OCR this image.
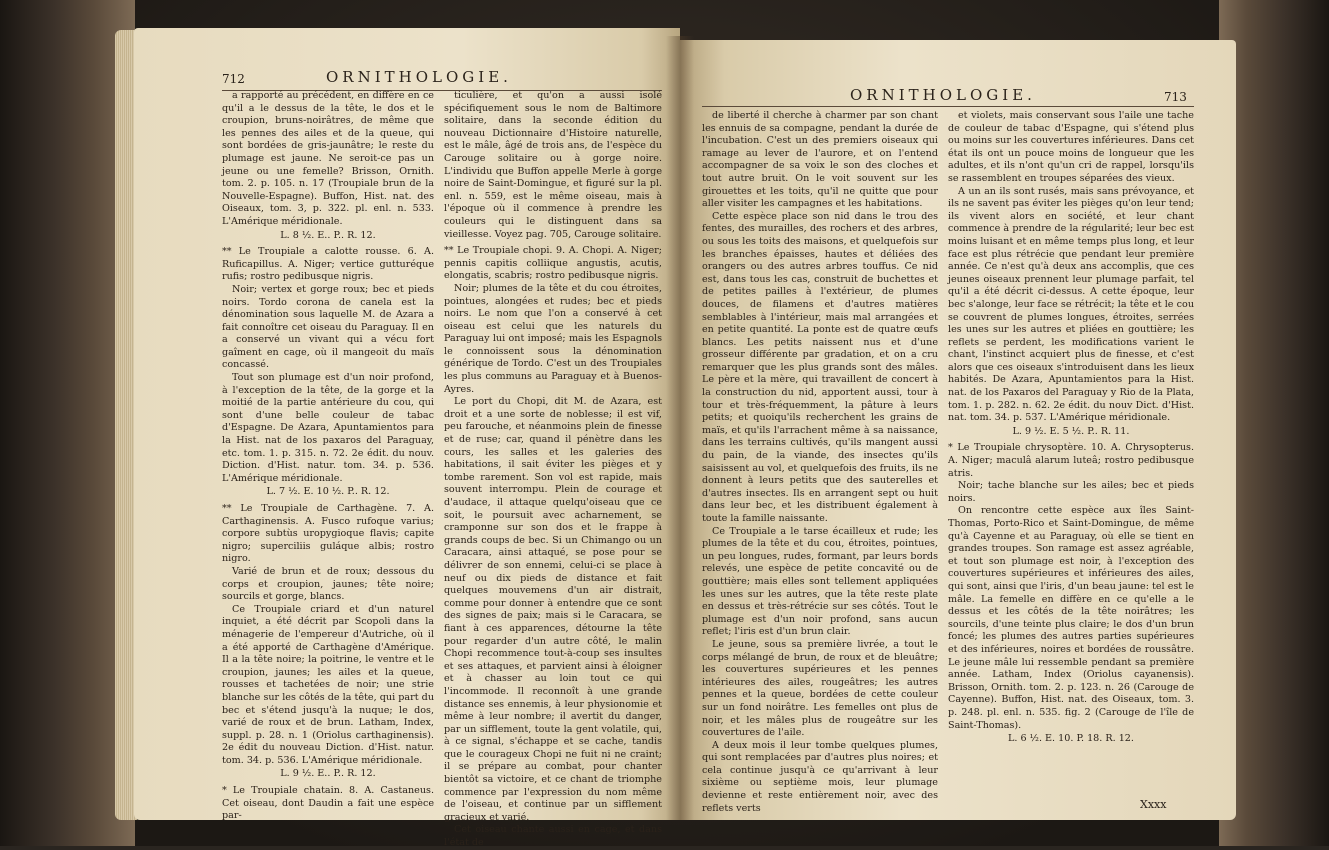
712	ORNITHOLOGIE.

a rapporté au précédent, en diffère en ce qu'il a le dessus de la tête, le dos et le croupion, bruns-noirâtres, de même que les pennes des ailes et de la queue, qui sont bordées de gris-jaunâtre; le reste du plumage est jaune. Ne seroit-ce pas un jeune ou une femelle? Brisson, Ornith. tom. 2. p. 105. n. 17 (Troupiale brun de la Nouvelle-Espagne). Buffon, Hist. nat. des Oiseaux, tom. 3, p. 322. pl. enl. n. 533. L'Amérique méridionale.

L. 8 ½. E.. P.. R. 12.

** Le Troupiale a calotte rousse. 6. A. Ruficapillus. A. Niger; vertice gutturéque rufis; rostro pedibusque nigris.

Noir; vertex et gorge roux; bec et pieds noirs. Tordo corona de canela est la dénomination sous laquelle M. de Azara a fait connoître cet oiseau du Paraguay. Il en a conservé un vivant qui a vécu fort gaîment en cage, où il mangeoit du maïs concassé.

Tout son plumage est d'un noir profond, à l'exception de la tête, de la gorge et la moitié de la partie antérieure du cou, qui sont d'une belle couleur de tabac d'Espagne. De Azara, Apuntamientos para la Hist. nat de los paxaros del Paraguay, etc. tom. 1. p. 315. n. 72. 2e édit. du nouv. Diction. d'Hist. natur. tom. 34. p. 536. L'Amérique méridionale.

L. 7 ½. E. 10 ½. P.. R. 12.

** Le Troupiale de Carthagène. 7. A. Carthaginensis. A. Fusco rufoque varius; corpore subtùs uropygioque flavis; capite nigro; superciliis guláque albis; rostro nigro.

Varié de brun et de roux; dessous du corps et croupion, jaunes; tête noire; sourcils et gorge, blancs.

Ce Troupiale criard et d'un naturel inquiet, a été décrit par Scopoli dans la ménagerie de l'empereur d'Autriche, où il a été apporté de Carthagène d'Amérique. Il a la tête noire; la poitrine, le ventre et le croupion, jaunes; les ailes et la queue, rousses et tachetées de noir; une strie blanche sur les côtés de la tête, qui part du bec et s'étend jusqu'à la nuque; le dos, varié de roux et de brun. Latham, Index, suppl. p. 28. n. 1 (Oriolus carthaginensis). 2e édit du nouveau Diction. d'Hist. natur. tom. 34. p. 536. L'Amérique méridionale.

L. 9 ½. E.. P.. R. 12.

* Le Troupiale chatain. 8. A. Castaneus. Cet oiseau, dont Daudin a fait une espèce par-

ticulière, et qu'on a aussi isolé spécifiquement sous le nom de Baltimore solitaire, dans la seconde édition du nouveau Dictionnaire d'Histoire naturelle, est le mâle, âgé de trois ans, de l'espèce du Carouge solitaire ou à gorge noire. L'individu que Buffon appelle Merle à gorge noire de Saint-Domingue, et figuré sur la pl. enl. n. 559, est le même oiseau, mais à l'époque où il commence à prendre les couleurs qui le distinguent dans sa vieillesse. Voyez pag. 705, Carouge solitaire.

** Le Troupiale chopi. 9. A. Chopi. A. Niger; pennis capitis colliique angustis, acutis, elongatis, scabris; rostro pedibusque nigris.

Noir; plumes de la tête et du cou étroites, pointues, alongées et rudes; bec et pieds noirs. Le nom que l'on a conservé à cet oiseau est celui que les naturels du Paraguay lui ont imposé; mais les Espagnols le connoissent sous la dénomination générique de Tordo. C'est un des Troupiales les plus communs au Paraguay et à Buenos-Ayres.

Le port du Chopi, dit M. de Azara, est droit et a une sorte de noblesse; il est vif, peu farouche, et néanmoins plein de finesse et de ruse; car, quand il pénètre dans les cours, les salles et les galeries des habitations, il sait éviter les pièges et y tombe rarement. Son vol est rapide, mais souvent interrompu. Plein de courage et d'audace, il attaque quelqu'oiseau que ce soit, le poursuit avec acharnement, se cramponne sur son dos et le frappe à grands coups de bec. Si un Chimango ou un Caracara, ainsi attaqué, se pose pour se délivrer de son ennemi, celui-ci se place à neuf ou dix pieds de distance et fait quelques mouvemens d'un air distrait, comme pour donner à entendre que ce sont des signes de paix; mais si le Caracara, se fiant à ces apparences, détourne la tête pour regarder d'un autre côté, le malin Chopi recommence tout-à-coup ses insultes et ses attaques, et parvient ainsi à éloigner et à chasser au loin tout ce qui l'incommode. Il reconnoît à une grande distance ses ennemis, à leur physionomie et même à leur nombre; il avertit du danger, par un sifflement, toute la gent volatile, qui, à ce signal, s'échappe et se cache, tandis que le courageux Chopi ne fuit ni ne craint; il se prépare au combat, pour chanter bientôt sa victoire, et ce chant de triomphe commence par l'expression du nom même de l'oiseau, et continue par un sifflement gracieux et varié.

Cet oiseau chante aussi en cage, et dans l'état de

ORNITHOLOGIE.	713

de liberté il cherche à charmer par son chant les ennuis de sa compagne, pendant la durée de l'incubation. C'est un des premiers oiseaux qui ramage au lever de l'aurore, et on l'entend accompagner de sa voix le son des cloches et tout autre bruit. On le voit souvent sur les girouettes et les toits, qu'il ne quitte que pour aller visiter les campagnes et les habitations.

Cette espèce place son nid dans le trou des fentes, des murailles, des rochers et des arbres, ou sous les toits des maisons, et quelquefois sur les branches épaisses, hautes et déliées des orangers ou des autres arbres touffus. Ce nid est, dans tous les cas, construit de buchettes et de petites pailles à l'extérieur, de plumes douces, de filamens et d'autres matières semblables à l'intérieur, mais mal arrangées et en petite quantité. La ponte est de quatre œufs blancs. Les petits naissent nus et d'une grosseur différente par gradation, et on a cru remarquer que les plus grands sont des mâles. Le père et la mère, qui travaillent de concert à la construction du nid, apportent aussi, tour à tour et très-fréquemment, la pâture à leurs petits; et quoiqu'ils recherchent les grains de maïs, et qu'ils l'arrachent même à sa naissance, dans les terrains cultivés, qu'ils mangent aussi du pain, de la viande, des insectes qu'ils saisissent au vol, et quelquefois des fruits, ils ne donnent à leurs petits que des sauterelles et d'autres insectes. Ils en arrangent sept ou huit dans leur bec, et les distribuent également à toute la famille naissante.

Ce Troupiale a le tarse écailleux et rude; les plumes de la tête et du cou, étroites, pointues, un peu longues, rudes, formant, par leurs bords relevés, une espèce de petite concavité ou de gouttière; mais elles sont tellement appliquées les unes sur les autres, que la tête reste plate en dessus et très-rétrécie sur ses côtés. Tout le plumage est d'un noir profond, sans aucun reflet; l'iris est d'un brun clair.

Le jeune, sous sa première livrée, a tout le corps mélangé de brun, de roux et de bleuâtre; les couvertures supérieures et les pennes intérieures des ailes, rougeâtres; les autres pennes et la queue, bordées de cette couleur sur un fond noirâtre. Les femelles ont plus de noir, et les mâles plus de rougeâtre sur les couvertures de l'aile.

A deux mois il leur tombe quelques plumes, qui sont remplacées par d'autres plus noires; et cela continue jusqu'à ce qu'arrivant à leur sixième ou septième mois, leur plumage devienne et reste entièrement noir, avec des reflets verts

et violets, mais conservant sous l'aile une tache de couleur de tabac d'Espagne, qui s'étend plus ou moins sur les couvertures inférieures. Dans cet état ils ont un pouce moins de longueur que les adultes, et ils n'ont qu'un cri de rappel, lorsqu'ils se rassemblent en troupes séparées des vieux.

A un an ils sont rusés, mais sans prévoyance, et ils ne savent pas éviter les pièges qu'on leur tend; ils vivent alors en société, et leur chant commence à prendre de la régularité; leur bec est moins luisant et en même temps plus long, et leur face est plus rétrécie que pendant leur première année. Ce n'est qu'à deux ans accomplis, que ces jeunes oiseaux prennent leur plumage parfait, tel qu'il a été décrit ci-dessus. A cette époque, leur bec s'alonge, leur face se rétrécit; la tête et le cou se couvrent de plumes longues, étroites, serrées les unes sur les autres et pliées en gouttière; les reflets se perdent, les modifications varient le chant, l'instinct acquiert plus de finesse, et c'est alors que ces oiseaux s'introduisent dans les lieux habités. De Azara, Apuntamientos para la Hist. nat. de los Paxaros del Paraguay y Rio de la Plata, tom. 1. p. 282. n. 62. 2e édit. du nouv Dict. d'Hist. nat. tom. 34. p. 537. L'Amérique méridionale.

L. 9 ½. E. 5 ½. P.. R. 11.

* Le Troupiale chrysoptère. 10. A. Chrysopterus. A. Niger; maculâ alarum luteâ; rostro pedibusque atris.

Noir; tache blanche sur les ailes; bec et pieds noirs.

On rencontre cette espèce aux îles Saint-Thomas, Porto-Rico et Saint-Domingue, de même qu'à Cayenne et au Paraguay, où elle se tient en grandes troupes. Son ramage est assez agréable, et tout son plumage est noir, à l'exception des couvertures supérieures et inférieures des ailes, qui sont, ainsi que l'iris, d'un beau jaune: tel est le mâle. La femelle en diffère en ce qu'elle a le dessus et les côtés de la tête noirâtres; les sourcils, d'une teinte plus claire; le dos d'un brun foncé; les plumes des autres parties supérieures et des inférieures, noires et bordées de roussâtre. Le jeune mâle lui ressemble pendant sa première année. Latham, Index (Oriolus cayanensis). Brisson, Ornith. tom. 2. p. 123. n. 26 (Carouge de Cayenne). Buffon, Hist. nat. des Oiseaux, tom. 3. p. 248. pl. enl. n. 535. fig. 2 (Carouge de l'île de Saint-Thomas).

L. 6 ½. E. 10. P. 18. R. 12.

Xxxx
